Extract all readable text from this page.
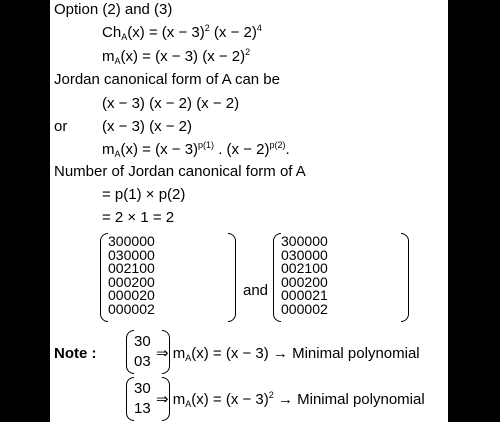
Option (2) and (3)
$Ch_A(x) = (x - 3)^2$ $(x - 2)^4$
$m_A(x) = (x - 3) (x - 2)^2$
Jordan canonical form of A can be
(x − 3) (x − 2) (x − 2)
or (x − 3) (x − 2)
$m_A(x) = (x - 3)^{p(1)}$ . $(x - 2)^{p(2)}$.
Number of Jordan canonical form of A
= p(1) × p(2)
= 2 × 1 = 2
3	0	0	0	0	0
0	3	0	0	0	0
0	0	2	1	0	0
0	0	0	2	0	0
0	0	0	0	2	0
0	0	0	0	0	2
and
3	0	0	0	0	0
0	3	0	0	0	0
0	0	2	1	0	0
0	0	0	2	0	0
0	0	0	0	2	1
0	0	0	0	0	2
Note :
3	0
0	3 ⇒ $m_A(x) = (x - 3)$ → Minimal polynomial
3	0
1	3
⇒ $m_A(x) = (x - 3)^2$ → Minimal polynomial
